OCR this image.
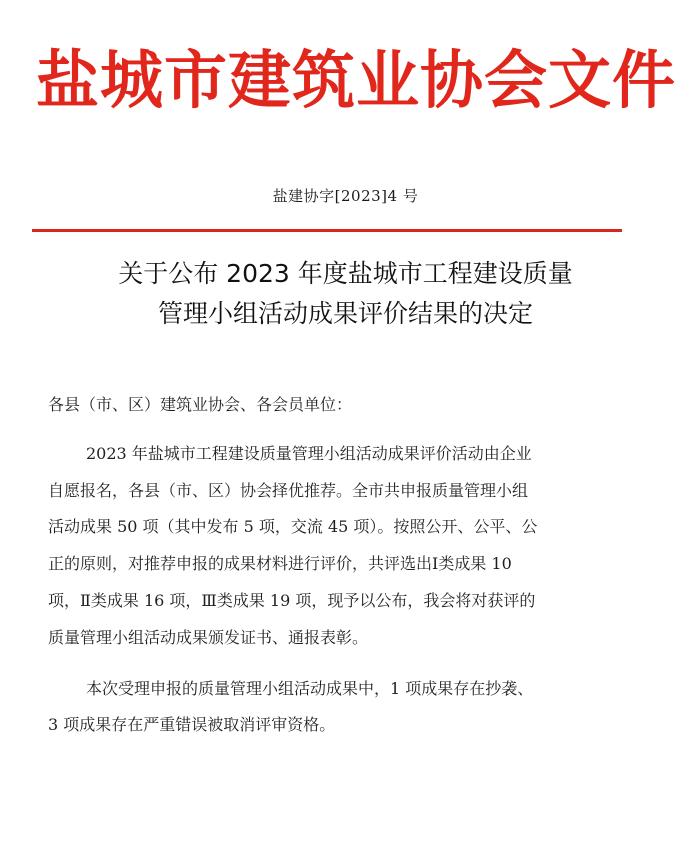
盐城市建筑业协会文件
盐建协字[2023]4 号
关于公布 2023 年度盐城市工程建设质量
管理小组活动成果评价结果的决定

各县（市、区）建筑业协会、各会员单位：

2023 年盐城市工程建设质量管理小组活动成果评价活动由企业
自愿报名，各县（市、区）协会择优推荐。全市共申报质量管理小组
活动成果 50 项（其中发布 5 项，交流 45 项）。按照公开、公平、公
正的原则，对推荐申报的成果材料进行评价，共评选出Ⅰ类成果 10
项，Ⅱ类成果 16 项，Ⅲ类成果 19 项，现予以公布，我会将对获评的
质量管理小组活动成果颁发证书、通报表彰。

本次受理申报的质量管理小组活动成果中，1 项成果存在抄袭、
3 项成果存在严重错误被取消评审资格。
